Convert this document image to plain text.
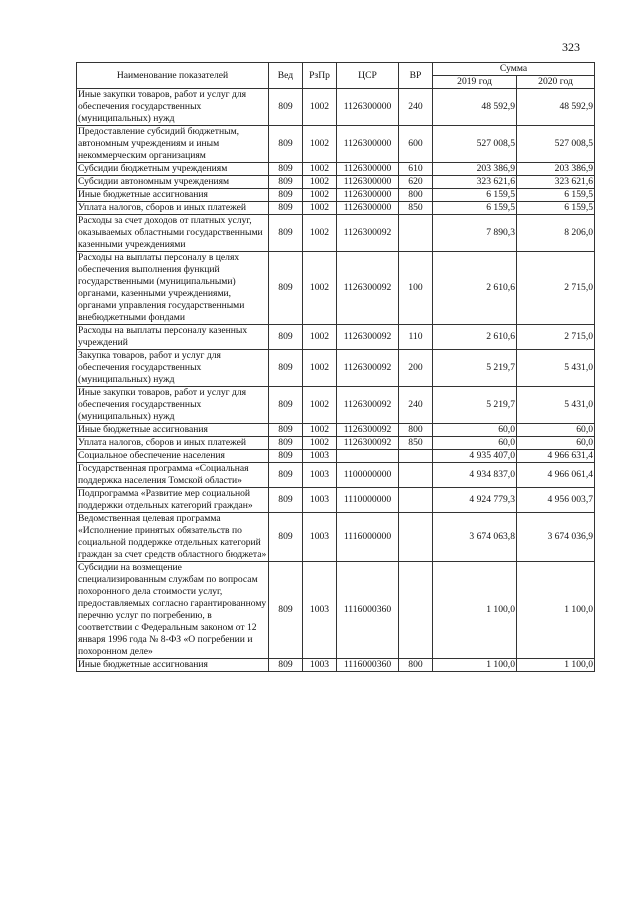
323
Наименование показателей	Вед	РзПр	ЦСР	ВР	Сумма	
					2019 год	2020 год
Иные закупки товаров, работ и услуг для обеспечения государственных (муниципальных) нужд	809	1002	1126300000	240	48 592,9	48 592,9
Предоставление субсидий бюджетным, автономным учреждениям и иным некоммерческим организациям	809	1002	1126300000	600	527 008,5	527 008,5
Субсидии бюджетным учреждениям	809	1002	1126300000	610	203 386,9	203 386,9
Субсидии автономным учреждениям	809	1002	1126300000	620	323 621,6	323 621,6
Иные бюджетные ассигнования	809	1002	1126300000	800	6 159,5	6 159,5
Уплата налогов, сборов и иных платежей	809	1002	1126300000	850	6 159,5	6 159,5
Расходы за счет доходов от платных услуг, оказываемых областными государственными казенными учреждениями	809	1002	1126300092		7 890,3	8 206,0
Расходы на выплаты персоналу в целях обеспечения выполнения функций государственными (муниципальными) органами, казенными учреждениями, органами управления государственными внебюджетными фондами	809	1002	1126300092	100	2 610,6	2 715,0
Расходы на выплаты персоналу казенных учреждений	809	1002	1126300092	110	2 610,6	2 715,0
Закупка товаров, работ и услуг для обеспечения государственных (муниципальных) нужд	809	1002	1126300092	200	5 219,7	5 431,0
Иные закупки товаров, работ и услуг для обеспечения государственных (муниципальных) нужд	809	1002	1126300092	240	5 219,7	5 431,0
Иные бюджетные ассигнования	809	1002	1126300092	800	60,0	60,0
Уплата налогов, сборов и иных платежей	809	1002	1126300092	850	60,0	60,0
Социальное обеспечение населения	809	1003			4 935 407,0	4 966 631,4
Государственная программа «Социальная поддержка населения Томской области»	809	1003	1100000000		4 934 837,0	4 966 061,4
Подпрограмма «Развитие мер социальной поддержки отдельных категорий граждан»	809	1003	1110000000		4 924 779,3	4 956 003,7
Ведомственная целевая программа «Исполнение принятых обязательств по социальной поддержке отдельных категорий граждан за счет средств областного бюджета»	809	1003	1116000000		3 674 063,8	3 674 036,9
Субсидии на возмещение специализированным службам по вопросам похоронного дела стоимости услуг, предоставляемых согласно гарантированному перечню услуг по погребению, в соответствии с Федеральным законом от 12 января 1996 года № 8-ФЗ «О погребении и похоронном деле»	809	1003	1116000360		1 100,0	1 100,0
Иные бюджетные ассигнования	809	1003	1116000360	800	1 100,0	1 100,0
